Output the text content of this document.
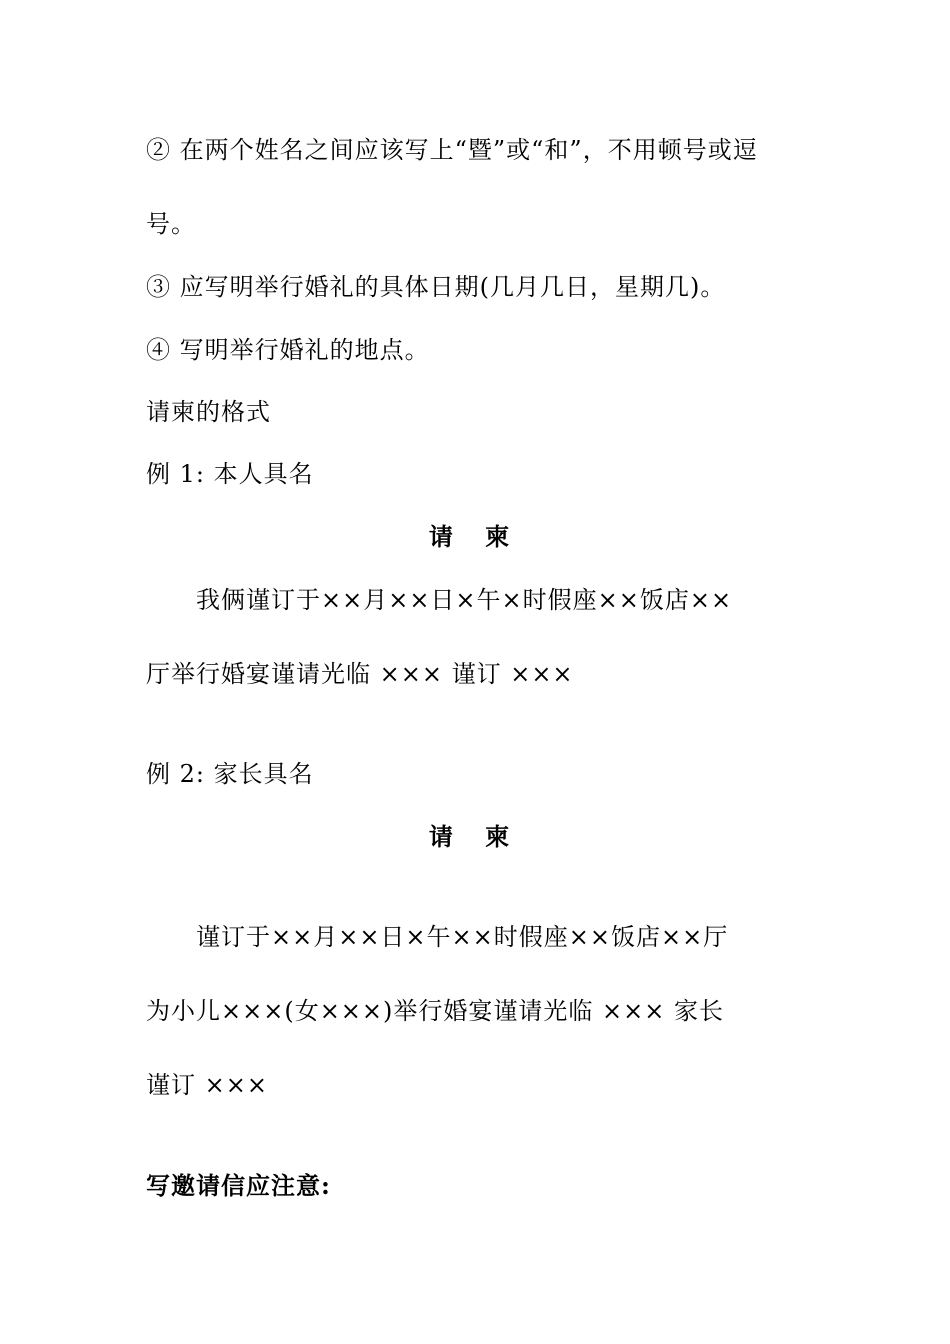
② 在两个姓名之间应该写上“暨”或“和”，不用顿号或逗
号。
③ 应写明举行婚礼的具体日期(几月几日，星期几)。
④ 写明举行婚礼的地点。
请柬的格式
例 1: 本人具名
请 柬
我俩谨订于××月××日×午×时假座××饭店××
厅举行婚宴谨请光临 ××× 谨订 ×××
例 2: 家长具名
请 柬
谨订于××月××日×午××时假座××饭店××厅
为小儿×××(女×××)举行婚宴谨请光临 ××× 家长
谨订 ×××
写邀请信应注意:
